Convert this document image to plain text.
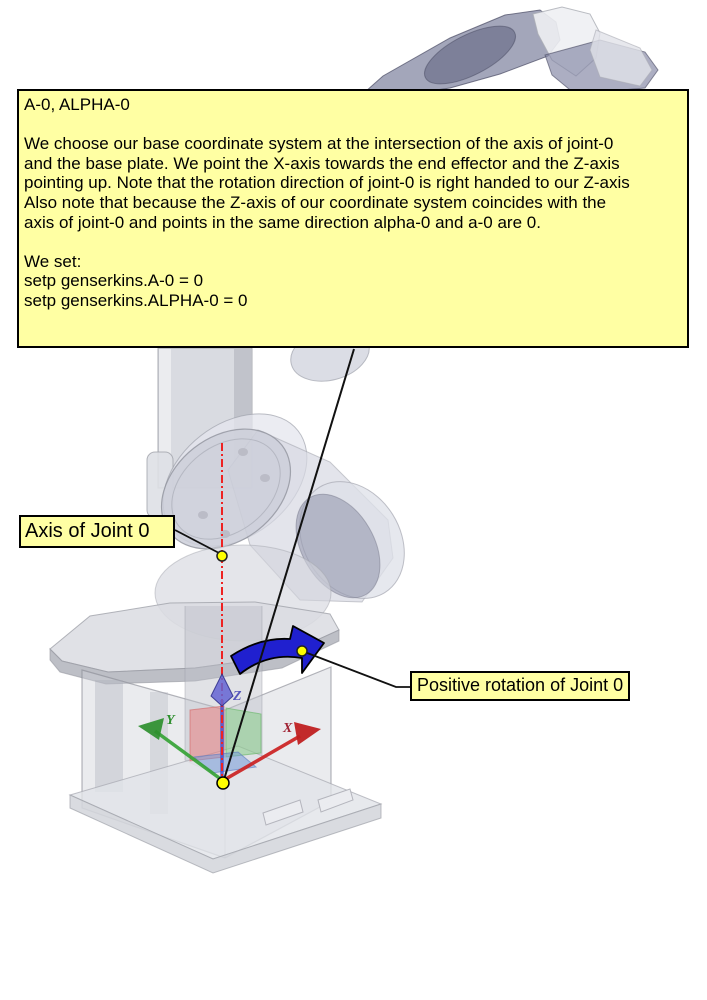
X
Y
Z
A-0, ALPHA-0
We choose our base coordinate system at the intersection of the axis of joint-0
and the base plate. We point the X-axis towards the end effector and the Z-axis
pointing up. Note that the rotation direction of joint-0 is right handed to our Z-axis
Also note that because the Z-axis of our coordinate system coincides with the
axis of joint-0 and points in the same direction alpha-0 and a-0 are 0.
We set:
setp genserkins.A-0 = 0
setp genserkins.ALPHA-0 = 0
Axis of Joint 0
Positive rotation of Joint 0
